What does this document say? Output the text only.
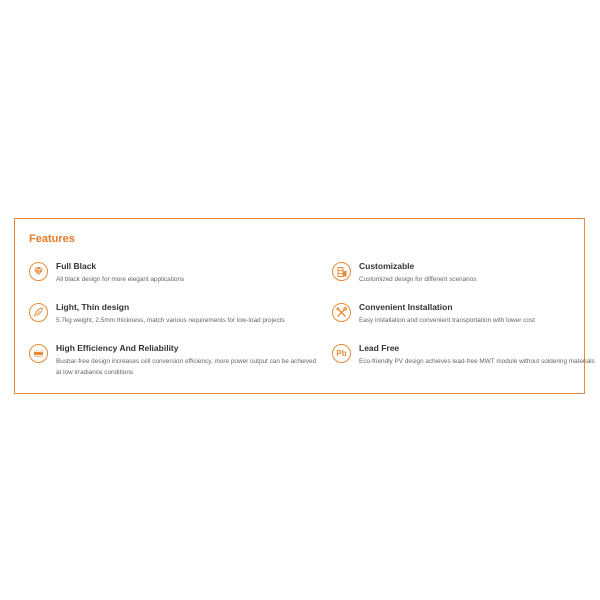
Features
Full Black
All black design for more elegant applications
Customizable
Customized design for different scenarios
Light, Thin design
5.7kg weight, 2.5mm thickness, match various requirements for low-load projects
Convenient Installation
Easy installation and convenient transportation with lower cost
High Efficiency And Reliability
Busbar-free design increases cell conversion efficiency, more power output can be achieved at low irradiance conditions
Pb
Lead Free
Eco-friendly PV design achieves lead-free MWT module without soldering materials
